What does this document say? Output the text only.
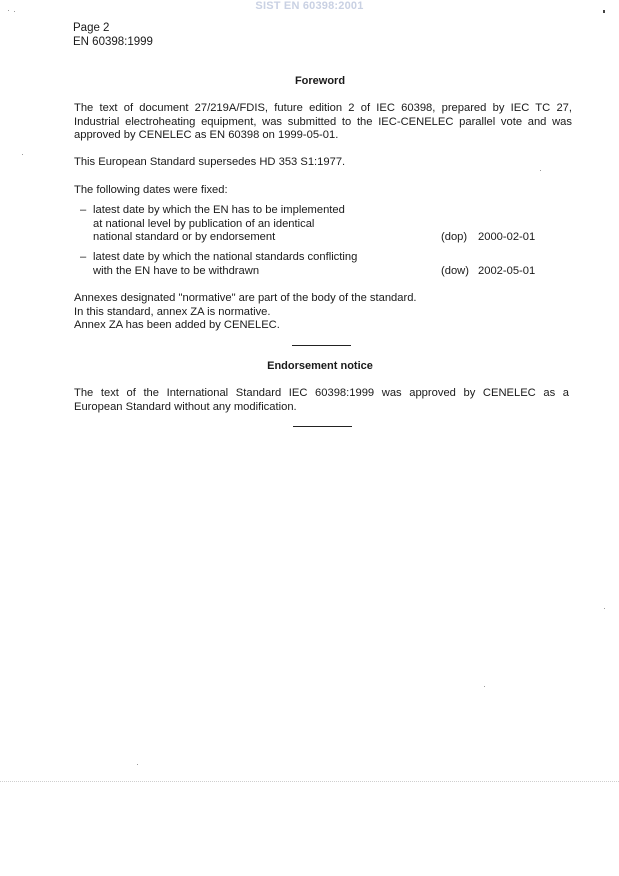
SIST EN 60398:2001
Page 2
EN 60398:1999
Foreword
The text of document 27/219A/FDIS, future edition 2 of IEC 60398, prepared by IEC TC 27,
Industrial electroheating equipment, was submitted to the IEC-CENELEC parallel vote and was
approved by CENELEC as EN 60398 on 1999-05-01.
This European Standard supersedes HD 353 S1:1977.
The following dates were fixed:
– latest date by which the EN has to be implemented
at national level by publication of an identical
national standard or by endorsement	(dop) 2000-02-01
– latest date by which the national standards conflicting
with the EN have to be withdrawn	(dow) 2002-05-01
Annexes designated "normative" are part of the body of the standard.
In this standard, annex ZA is normative.
Annex ZA has been added by CENELEC.
Endorsement notice
The text of the International Standard IEC 60398:1999 was approved by CENELEC as a
European Standard without any modification.
